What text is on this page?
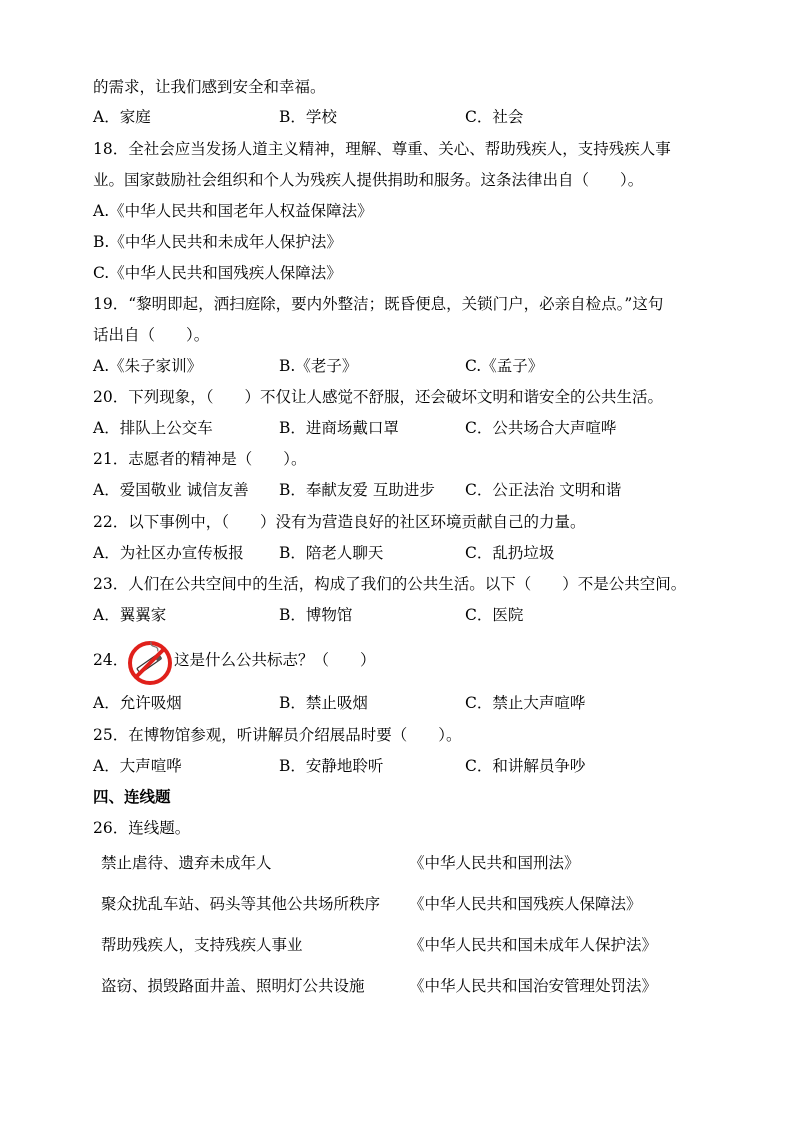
的需求，让我们感到安全和幸福。
A．家庭	B．学校	C．社会
18．全社会应当发扬人道主义精神，理解、尊重、关心、帮助残疾人，支持残疾人事
业。国家鼓励社会组织和个人为残疾人提供捐助和服务。这条法律出自（　　）。
A.《中华人民共和国老年人权益保障法》
B.《中华人民共和未成年人保护法》
C.《中华人民共和国残疾人保障法》
19．“黎明即起，洒扫庭除，要内外整洁；既昏便息，关锁门户，必亲自检点。”这句
话出自（　　）。
A.《朱子家训》	B.《老子》	C.《孟子》
20．下列现象，（　　）不仅让人感觉不舒服，还会破坏文明和谐安全的公共生活。
A．排队上公交车	B．进商场戴口罩	C．公共场合大声喧哗
21．志愿者的精神是（　　）。
A．爱国敬业 诚信友善 B．奉献友爱 互助进步 C．公正法治 文明和谐
22．以下事例中，（　　）没有为营造良好的社区环境贡献自己的力量。
A．为社区办宣传板报 B．陪老人聊天	C．乱扔垃圾
23．人们在公共空间中的生活，构成了我们的公共生活。以下（　　）不是公共空间。
A．翼翼家	B．博物馆	C．医院
24．	这是什么公共标志？（　　）
A．允许吸烟	B．禁止吸烟	C．禁止大声喧哗
25．在博物馆参观，听讲解员介绍展品时要（　　）。
A．大声喧哗	B．安静地聆听	C．和讲解员争吵
四、连线题
26．连线题。
禁止虐待、遗弃未成年人	《中华人民共和国刑法》
聚众扰乱车站、码头等其他公共场所秩序 《中华人民共和国残疾人保障法》
帮助残疾人，支持残疾人事业	《中华人民共和国未成年人保护法》
盗窃、损毁路面井盖、照明灯公共设施	《中华人民共和国治安管理处罚法》
